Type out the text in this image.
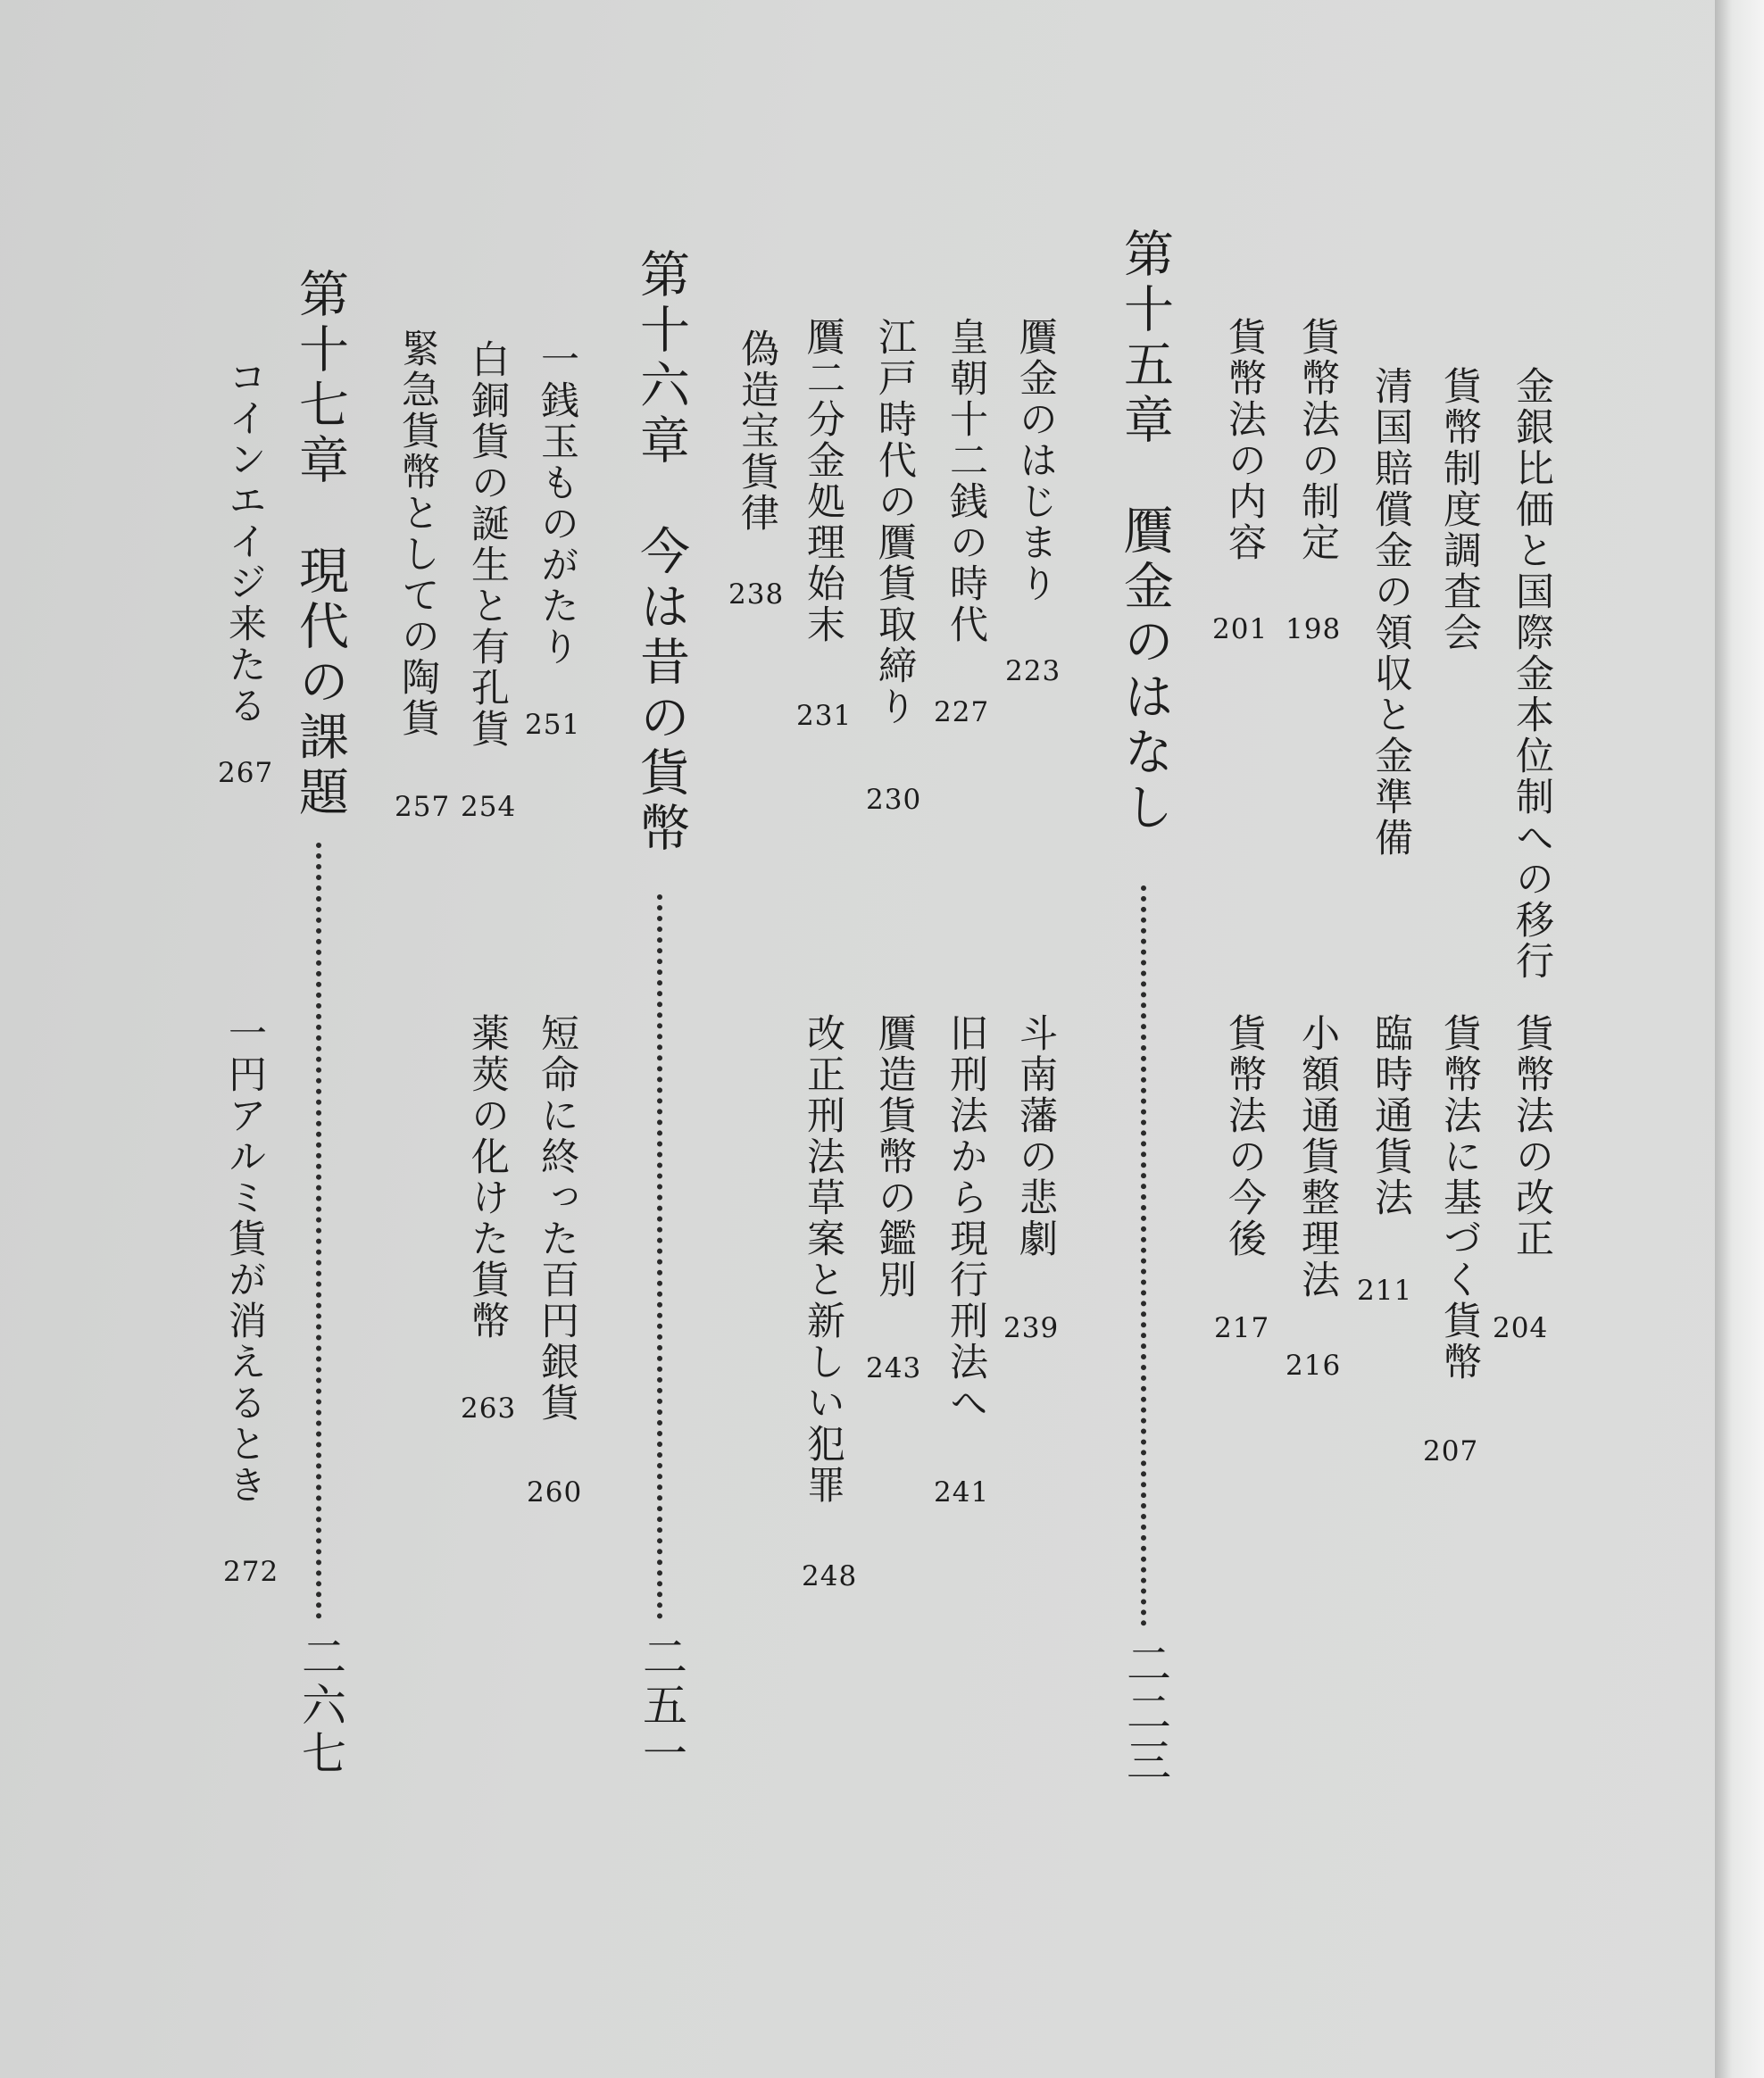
金銀比価と国際金本位制への移行
貨幣制度調査会
清国賠償金の領収と金準備
貨幣法の制定
198
貨幣法の内容
201
第十五章　贋金のはなし
二二三
貨幣法の改正
204
貨幣法に基づく貨幣
207
臨時通貨法
211
小額通貨整理法
216
貨幣法の今後
217
第十六章　今は昔の貨幣
二五一
贋金のはじまり
223
皇朝十二銭の時代
227
江戸時代の贋貨取締り
230
贋二分金処理始末
231
偽造宝貨律
238
斗南藩の悲劇
239
旧刑法から現行刑法へ
241
贋造貨幣の鑑別
243
改正刑法草案と新しい犯罪
248
第十七章　現代の課題
二六七
一銭玉ものがたり
251
白銅貨の誕生と有孔貨
254
緊急貨幣としての陶貨
257
コインエイジ来たる
267
短命に終った百円銀貨
260
薬莢の化けた貨幣
263
一円アルミ貨が消えるとき
272
